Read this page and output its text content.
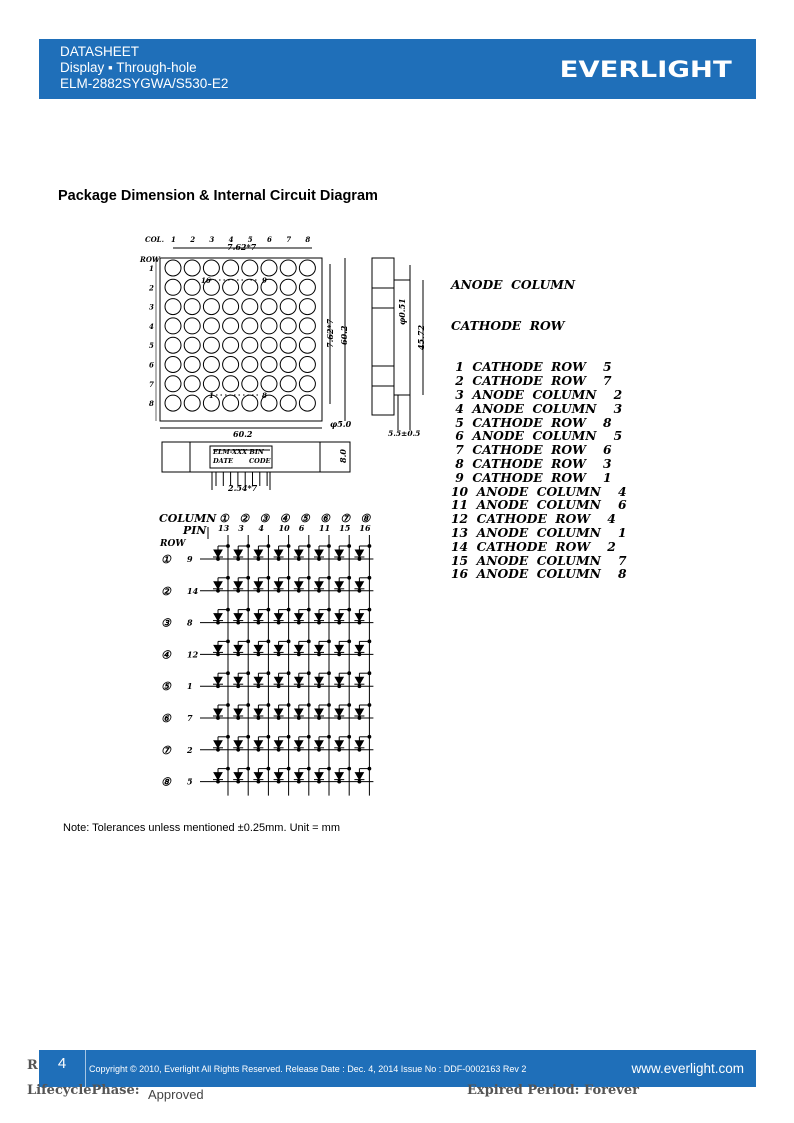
DATASHEET
Display ▪ Through-hole
ELM-2882SYGWA/S530-E2
EVERLIGHT
Package Dimension & Internal Circuit Diagram
COL.
ROW
7.62*7
7.62*7 60.2
60.2
φ5.0
16	9
1	8
φ0.51
45.72
5.5±0.5
ELM-XXX BIN
DATE CODE
2.54*7
8.0
1 2 3 4 5 6 7 8
1
2
3
4
5
6
7
8

ANODE  COLUMN

CATHODE  ROW

1  CATHODE  ROW    5
2  CATHODE  ROW    7
3  ANODE  COLUMN    2
4  ANODE  COLUMN    3
5  CATHODE  ROW    8
6  ANODE  COLUMN    5
7  CATHODE  ROW    6
8  CATHODE  ROW    3
9  CATHODE  ROW    1
10  ANODE  COLUMN    4
11  ANODE  COLUMN    6
12  CATHODE  ROW    4
13  ANODE  COLUMN    1
14  CATHODE  ROW    2
15  ANODE  COLUMN    7
16  ANODE  COLUMN    8

COLUMN
PIN
ROW
①
13
②
3
③
4
④
10
⑤
6
⑥
11
⑦
15
⑧
16
① 9
② 14
③ 8
④ 12
⑤ 1
⑥ 7
⑦ 2
⑧ 5
Note: Tolerances unless mentioned ±0.25mm. Unit = mm
R	4	Copyright © 2010, Everlight All Rights Reserved. Release Date : Dec. 4, 2014 Issue No : DDF-0002163 Rev 2	www.everlight.com
LifecyclePhase: Approved	Expired Period: Forever
